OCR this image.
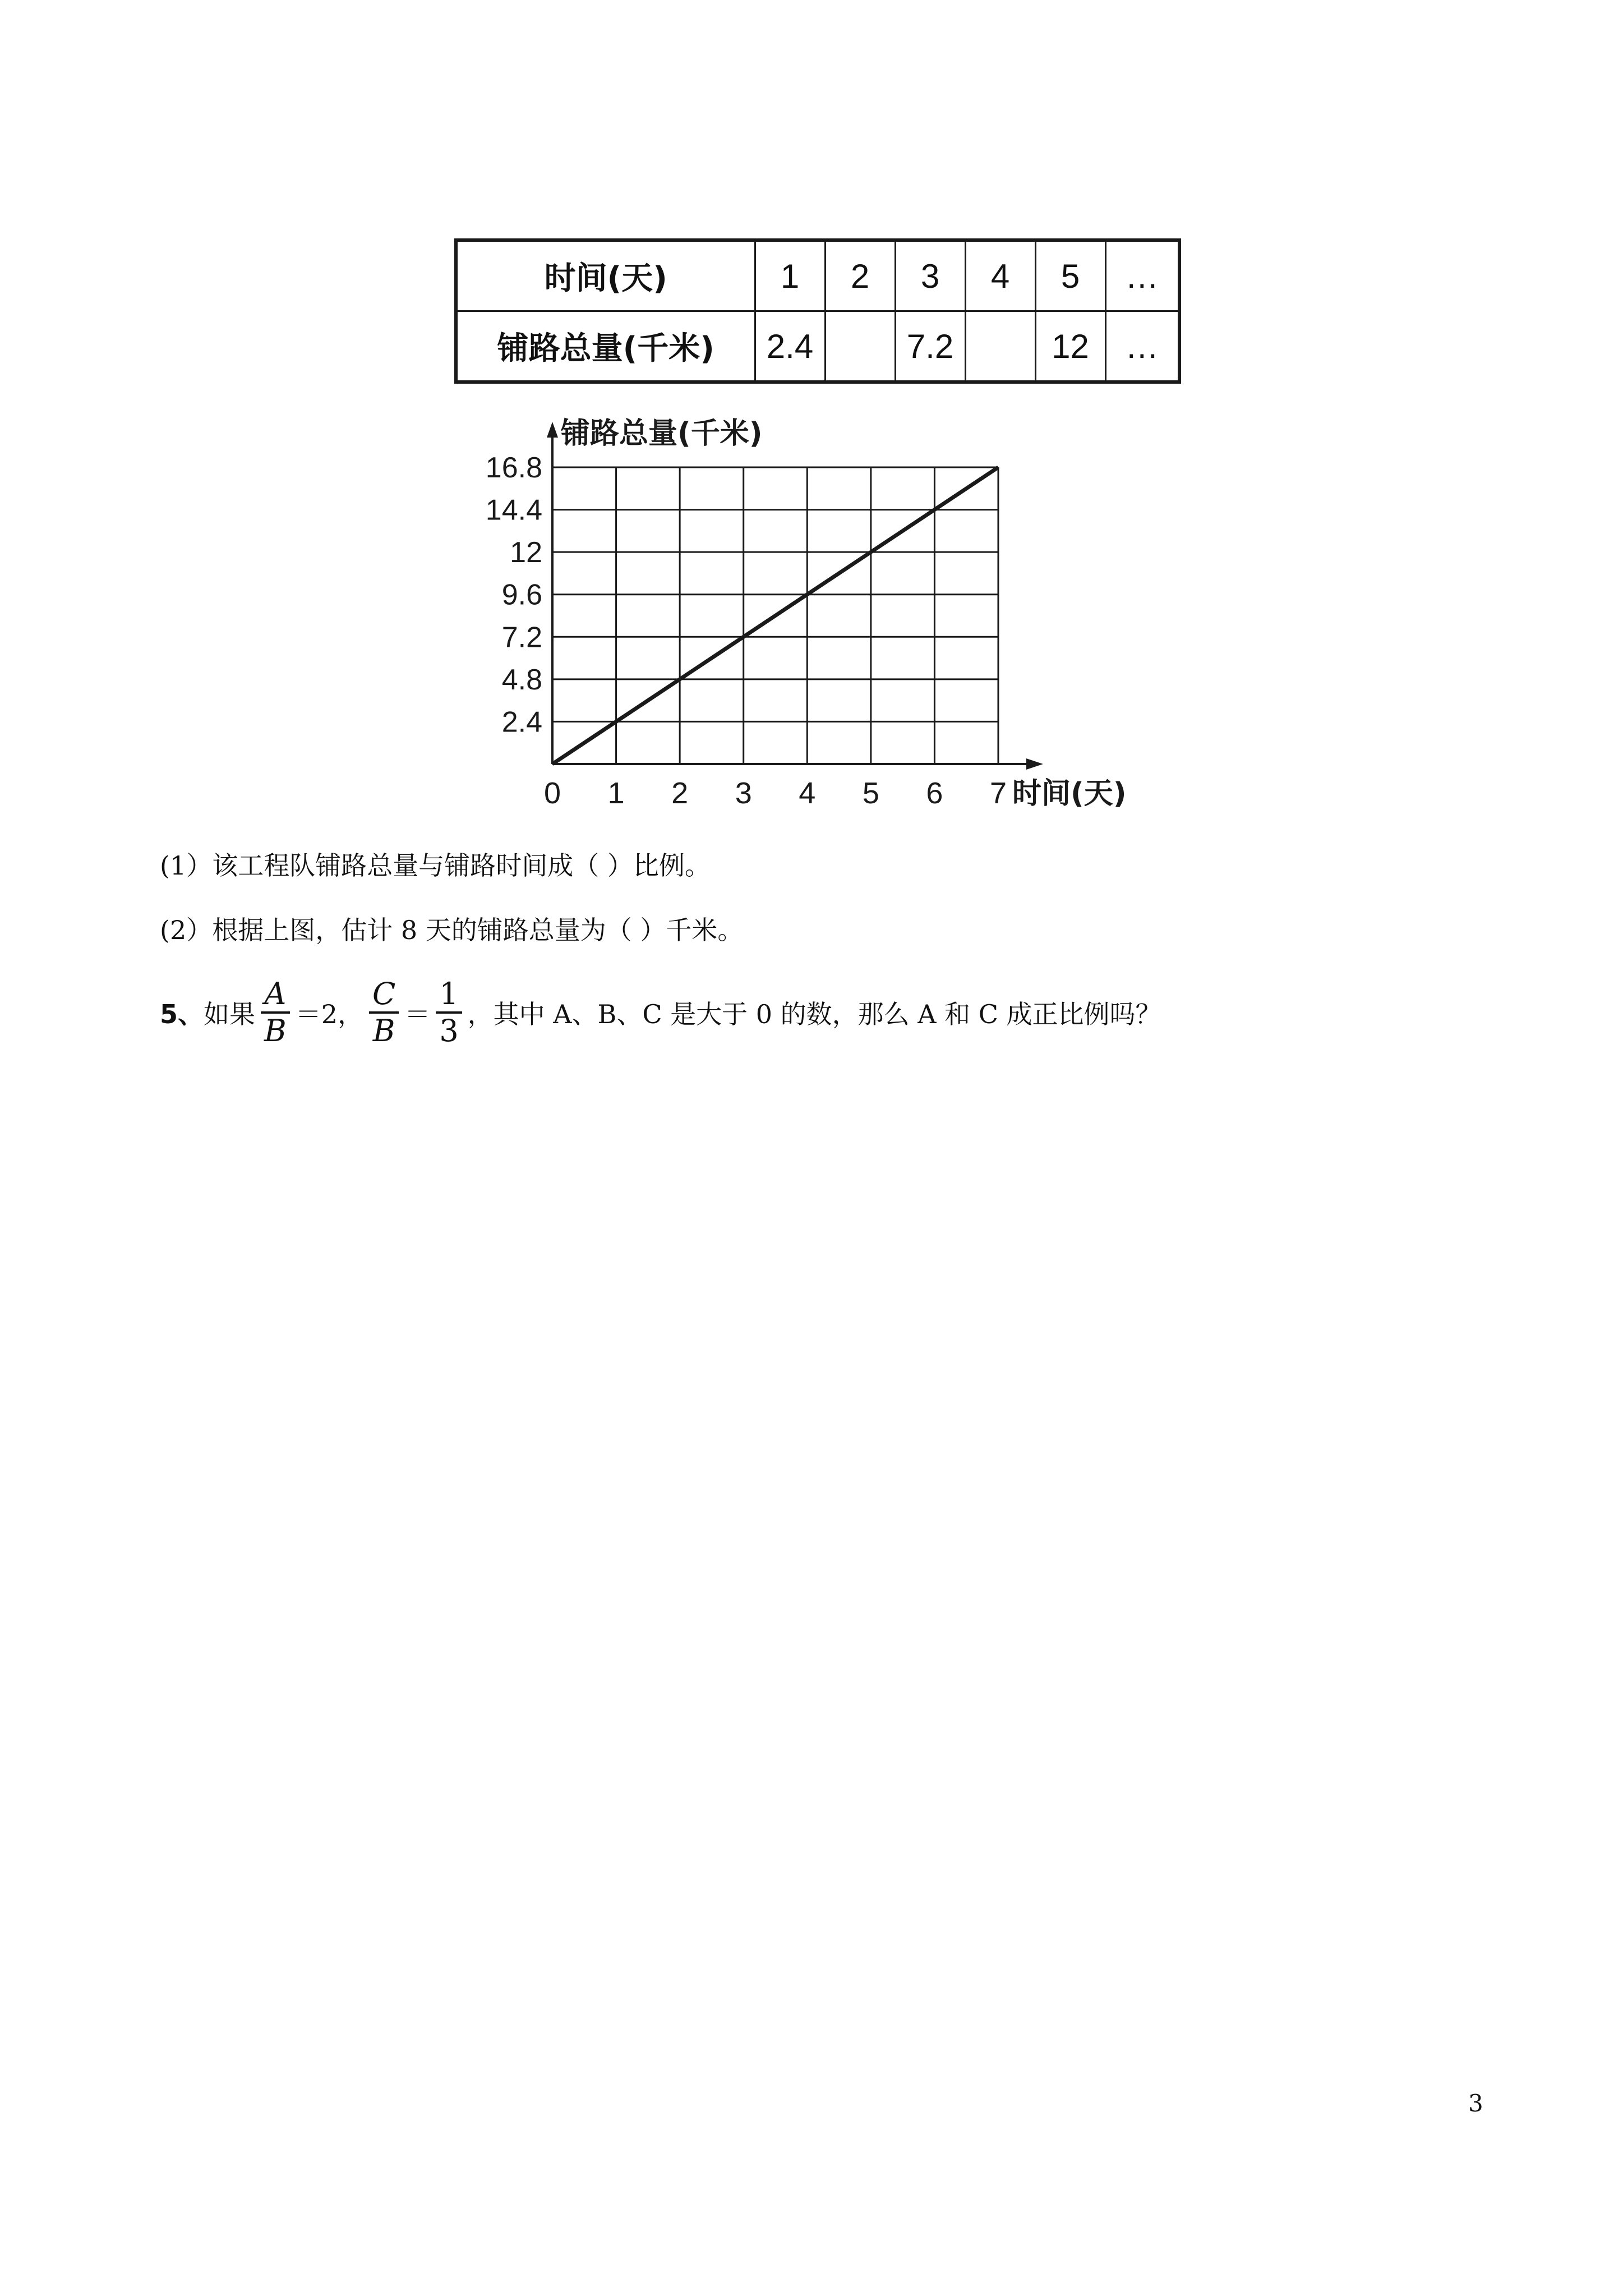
时间(天)	1	2	3	4	5	…
铺路总量(千米)	2.4		7.2		12	…
0 1 2 3 4 5 6 7
2.4
4.8
7.2
9.6
12
14.4
16.8
铺路总量(千米)
时间(天)
(1）该工程队铺路总量与铺路时间成（ ）比例。
(2）根据上图，估计 8 天的铺路总量为（ ）千米。
5、 如果 $\frac{A}{B} =2$， $\frac{C}{B} = \frac{1}{3}$ ，其中 A、B、C 是大于 0 的数，那么 A 和 C 成正比例吗？
3
